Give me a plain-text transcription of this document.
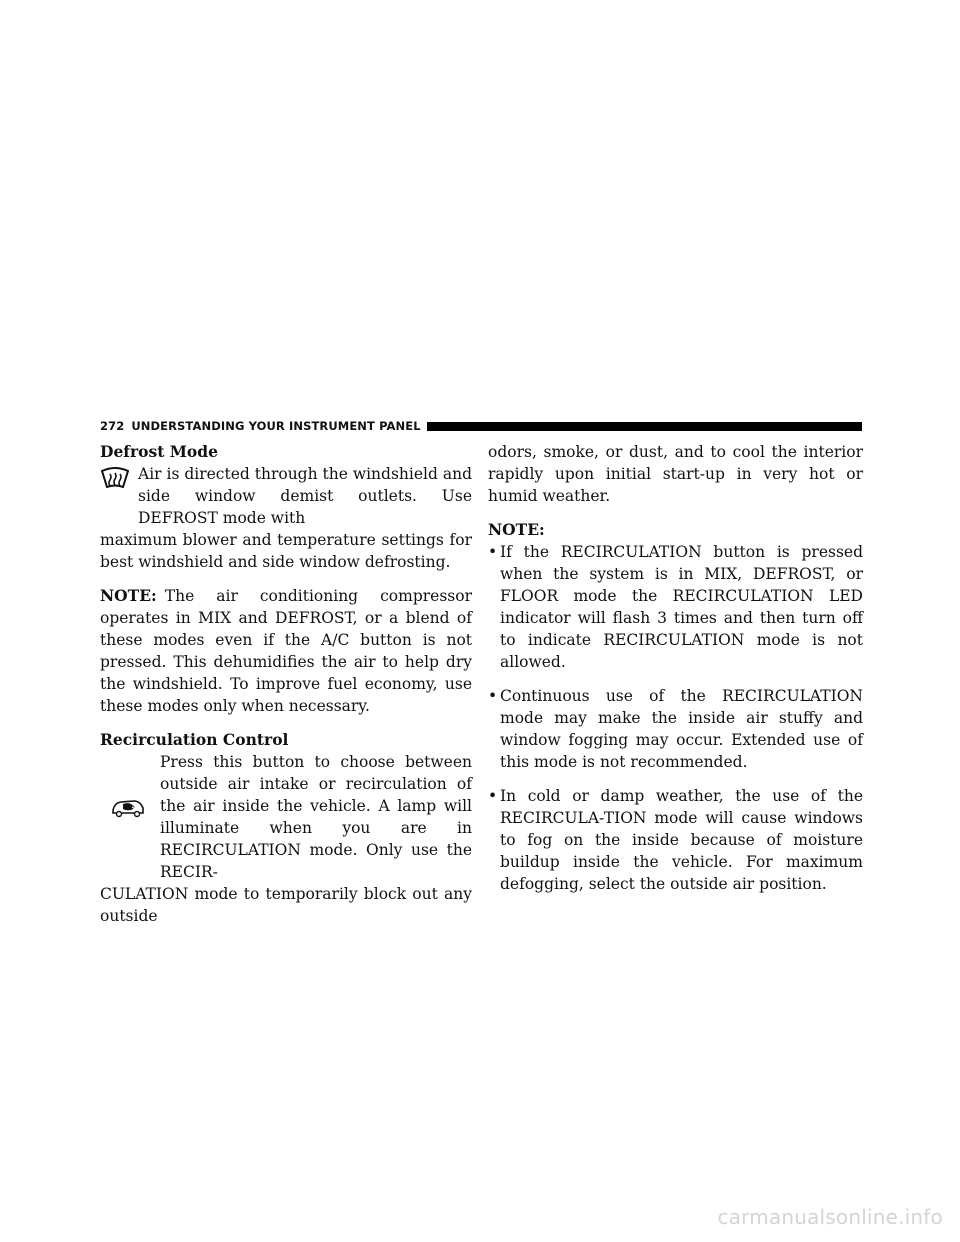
272 UNDERSTANDING YOUR INSTRUMENT PANEL
Defrost Mode
Air is directed through the windshield and side window demist outlets. Use DEFROST mode with
maximum blower and temperature settings for best windshield and side window defrosting.
NOTE: The air conditioning compressor operates in MIX and DEFROST, or a blend of these modes even if the A/C button is not pressed. This dehumidifies the air to help dry the windshield. To improve fuel economy, use these modes only when necessary.
Recirculation Control
Press this button to choose between outside air intake or recirculation of the air inside the vehicle. A lamp will illuminate when you are in RECIRCULATION mode. Only use the RECIR-
CULATION mode to temporarily block out any outside
odors, smoke, or dust, and to cool the interior rapidly upon initial start-up in very hot or humid weather.
NOTE:
• If the RECIRCULATION button is pressed when the system is in MIX, DEFROST, or FLOOR mode the RECIRCULATION LED indicator will flash 3 times and then turn off to indicate RECIRCULATION mode is not allowed.
• Continuous use of the RECIRCULATION mode may make the inside air stuffy and window fogging may occur. Extended use of this mode is not recommended.
• In cold or damp weather, the use of the RECIRCULA-TION mode will cause windows to fog on the inside because of moisture buildup inside the vehicle. For maximum defogging, select the outside air position.
carmanualsonline.info
